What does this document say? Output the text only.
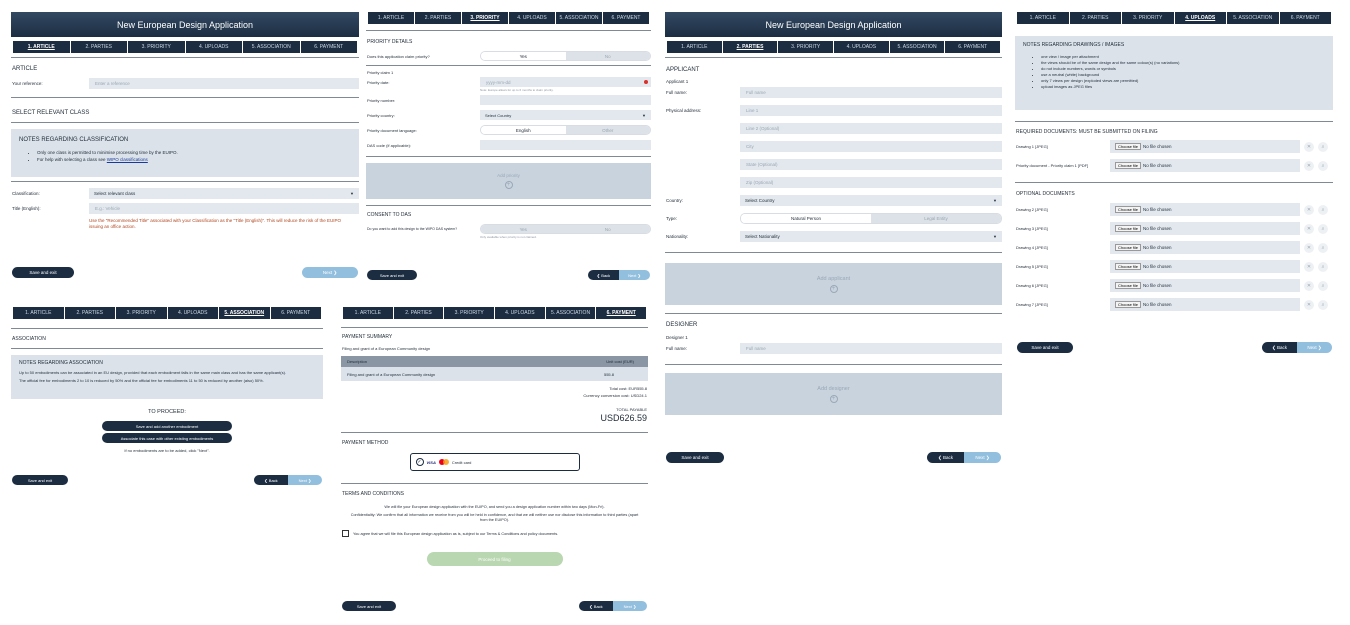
New European Design Application
1. ARTICLE	2. PARTIES	3. PRIORITY	4. UPLOADS	5. ASSOCIATION	6. PAYMENT
ARTICLE
Your reference:	Enter a reference
SELECT RELEVANT CLASS
NOTES REGARDING CLASSIFICATION
• Only one class is permitted to minimise processing time by the EUIPO.
• For help with selecting a class see WIPO classifications
Classification:	Select relevant class	▼
Title (English):	E.g.: Vehicle
Use the "Recommended Title" associated with your Classification as the "Title (English)". This will reduce the risk of the EUIPO issuing an office action.
Save and exit	Next
❯
1. ARTICLE	2. PARTIES	3. PRIORITY	4. UPLOADS	5. ASSOCIATION	6. PAYMENT
PRIORITY DETAILS
Does this application claim priority?	Yes	No
Priority claim 1
Priority date:	yyyy-mm-dd
Note: Europe allows for up to 6 months to claim priority.
Priority number:
Priority country:	Select Country	▼
Priority document language:	English	Other
DAS code (if applicable):
Add priority
+
CONSENT TO DAS
Do you want to add this design to the WIPO DAS system?	Yes	No
Only available when priority is not claimed.
Save and exit	❮
Back	Next
❯
New European Design Application
1. ARTICLE	2. PARTIES	3. PRIORITY	4. UPLOADS	5. ASSOCIATION	6. PAYMENT
APPLICANT
Applicant 1
Full name:	Full name
Physical address:	Line 1
Line 2 (Optional)
City
State (Optional)
Zip (Optional)
Country:	Select Country	▼
Type:	Natural Person	Legal Entity
Nationality:	Select Nationality	▼
Add applicant
+
DESIGNER
Designer 1
Full name:	Full name
Add designer
+
Save and exit	❮
Back	Next
❯
1. ARTICLE	2. PARTIES	3. PRIORITY	4. UPLOADS	5. ASSOCIATION	6. PAYMENT
NOTES REGARDING DRAWINGS / IMAGES
• one view / image per attachment
• the views should be of the same design and the same colour(s) (no variations)
• do not include numbers, words or symbols
• use a neutral (white) background
• only 7 views per design (exploded views are permitted)
• upload images as JPEG files
REQUIRED DOCUMENTS: MUST BE SUBMITTED ON FILING
Drawing 1 [JPEG]	Choose file	No file chosen	✕	⌕
Priority document - Priority claim 1 [PDF]	Choose file	No file chosen	✕	⌕
OPTIONAL DOCUMENTS
Drawing 2 [JPEG]	Choose file	No file chosen	✕	⌕
Drawing 3 [JPEG]	Choose file	No file chosen	✕	⌕
Drawing 4 [JPEG]	Choose file	No file chosen	✕	⌕
Drawing 5 [JPEG]	Choose file	No file chosen	✕	⌕
Drawing 6 [JPEG]	Choose file	No file chosen	✕	⌕
Drawing 7 [JPEG]	Choose file	No file chosen	✕	⌕
Save and exit	❮
Back	Next
❯
1. ARTICLE	2. PARTIES	3. PRIORITY	4. UPLOADS	5. ASSOCIATION	6. PAYMENT
ASSOCIATION
NOTES REGARDING ASSOCIATION

Up to 50 embodiments can be associated in an EU design, provided that each embodiment falls in the same main class and has the same applicant(s).

The official fee for embodiments 2 to 10 is reduced by 50% and the official fee for embodiments 11 to 50 is reduced by another (also) 50%.

TO PROCEED:
Save and add another embodiment
Associate this case with other existing embodiments
If no embodiments are to be added, click "Next".
Save and exit	❮
Back	Next
❯
1. ARTICLE	2. PARTIES	3. PRIORITY	4. UPLOADS	5. ASSOCIATION	6. PAYMENT
PAYMENT SUMMARY
Filing and grant of a European Community design
Description	Unit cost (EUR)
Filing and grant of a European Community design	555.8
Total cost: EUR555.8
Currency conversion cost: USD24.1
TOTAL PAYABLE
USD626.59
PAYMENT METHOD
✓	VISA	Credit card
TERMS AND CONDITIONS
We will file your European design application with the EUIPO, and send you a design application number within two days (Mon-Fri).
Confidentiality: We confirm that all information we receive from you will be held in confidence, and that we will neither use nor disclose this information to third parties (apart from the EUIPO).
You agree that we will file this European design application as is, subject to our Terms & Conditions and policy documents.
Proceed to filing
Save and exit	❮
Back	Next
❯
